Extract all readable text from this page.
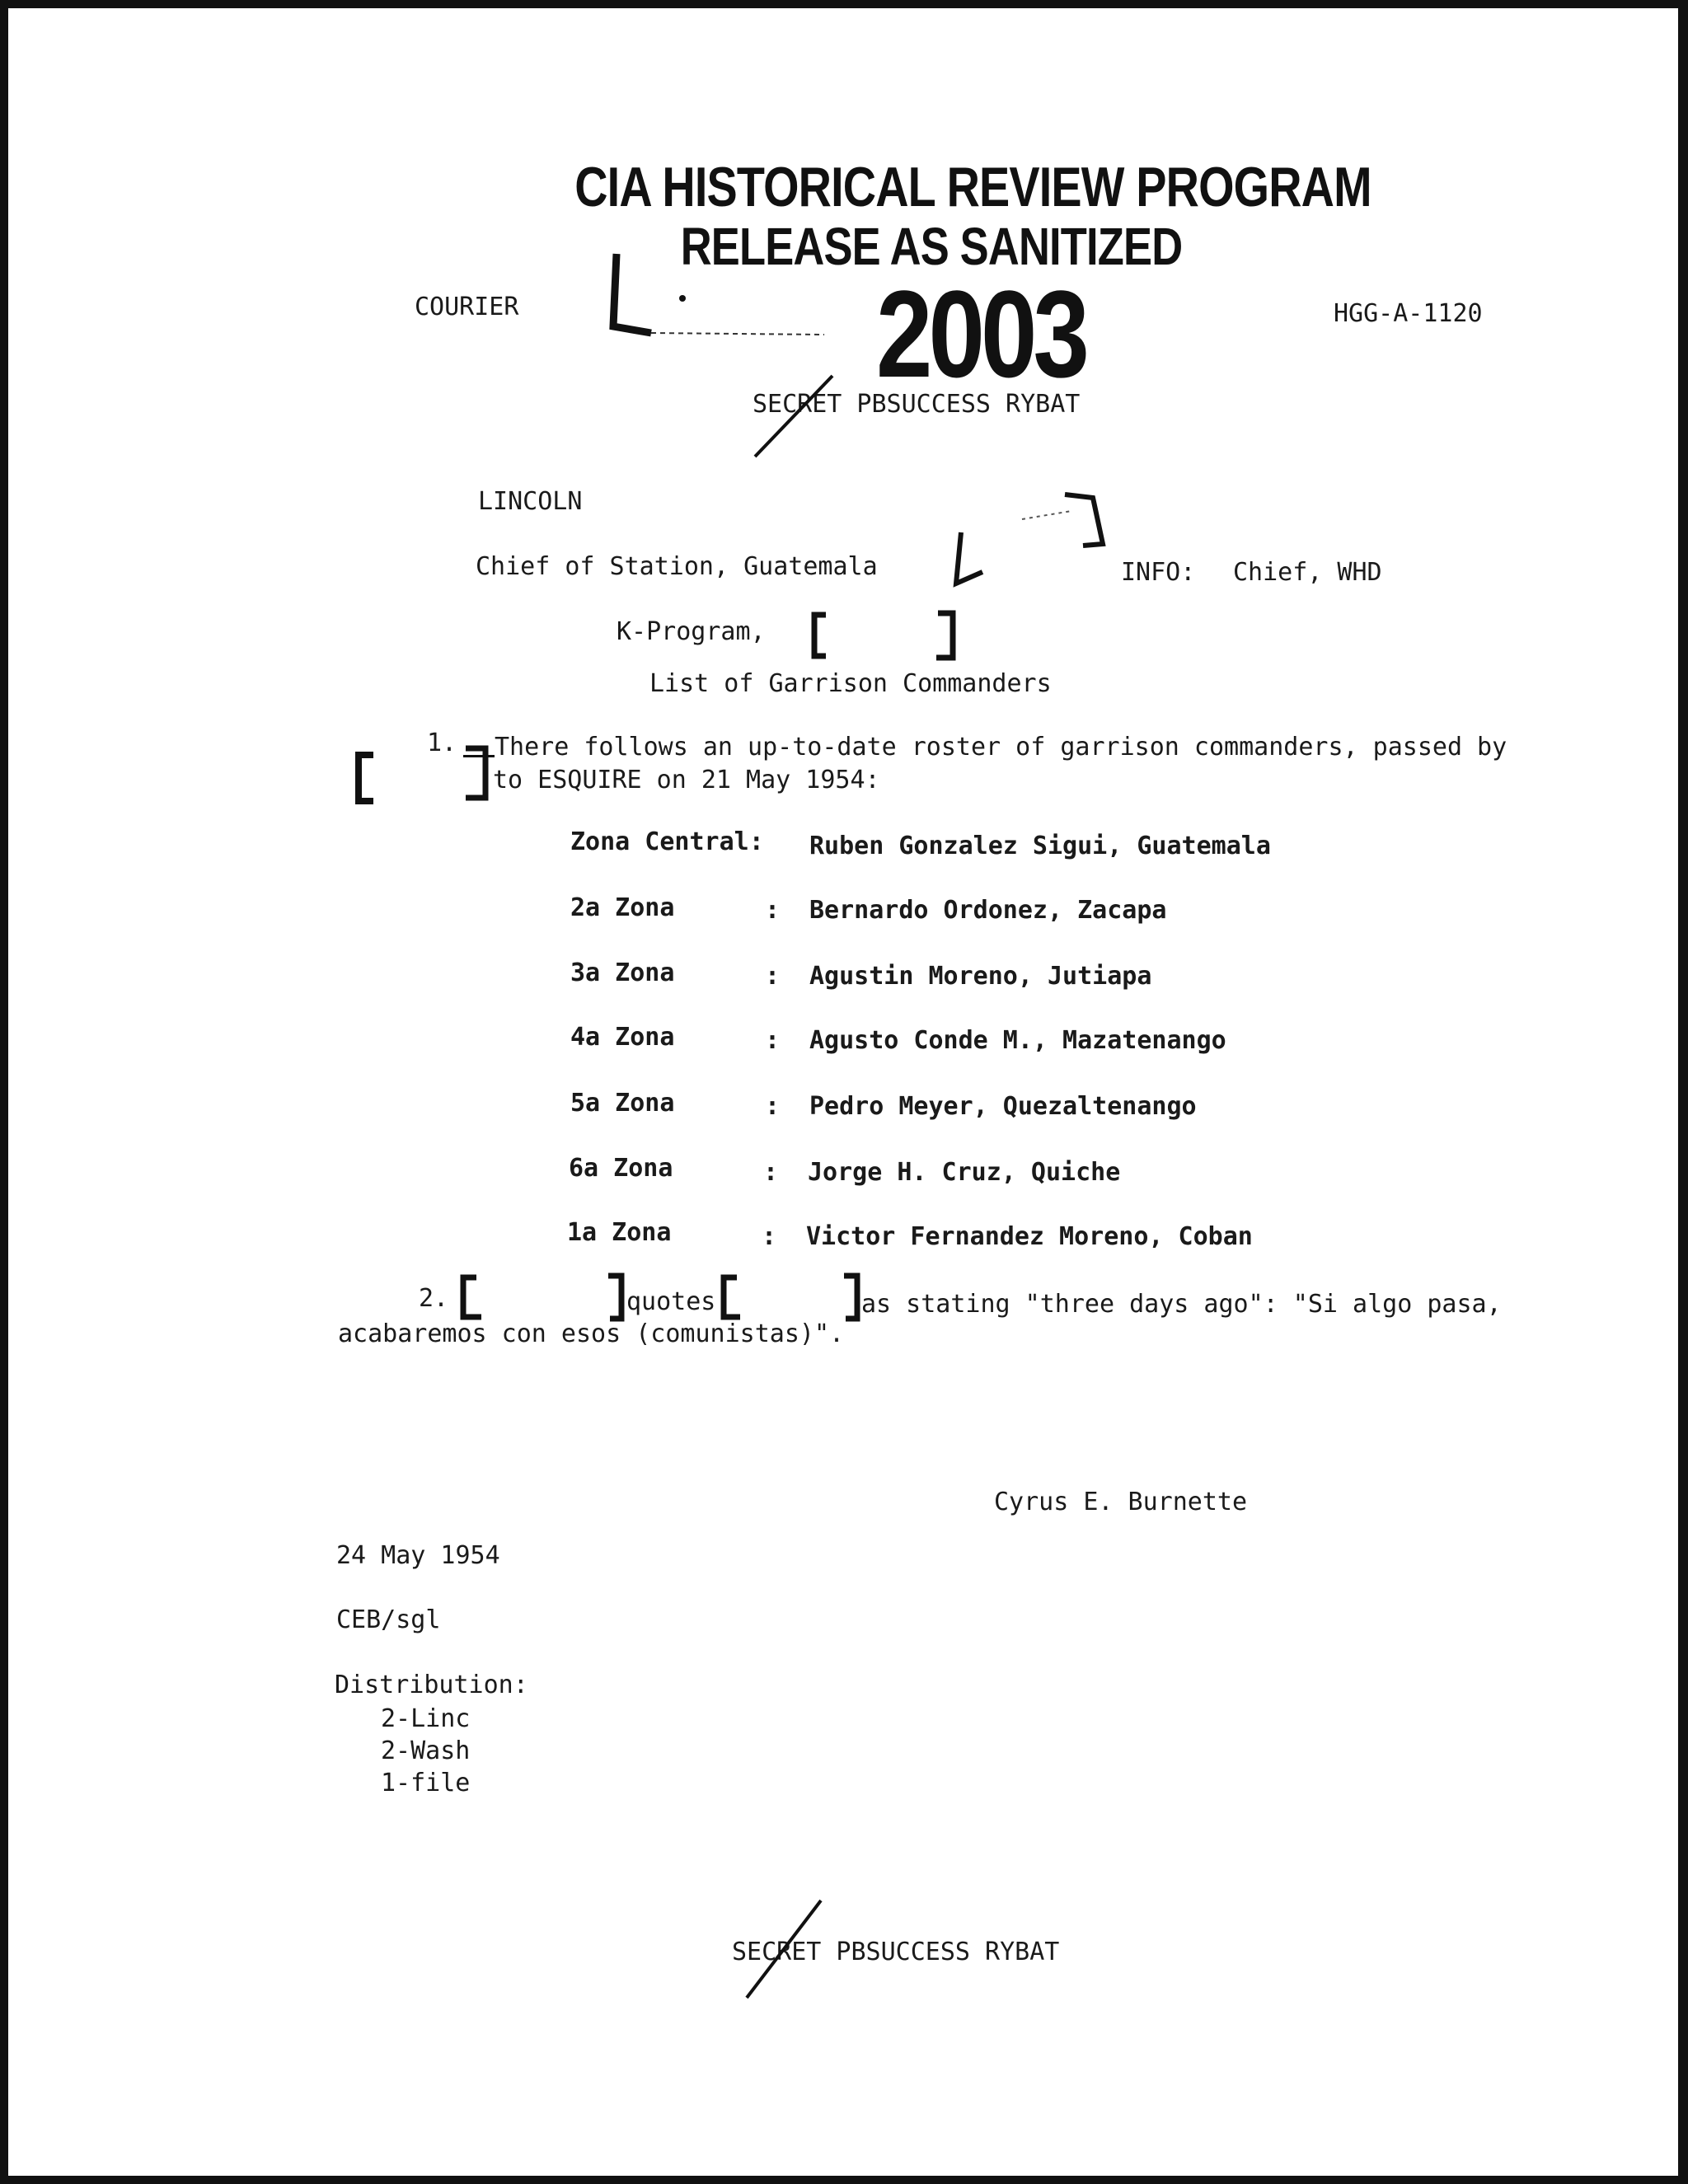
CIA HISTORICAL REVIEW PROGRAM
RELEASE AS SANITIZED
2003
COURIER	HGG-A-1120
SECRET PBSUCCESS RYBAT
LINCOLN
Chief of Station, Guatemala	INFO: Chief, WHD
K-Program,
List of Garrison Commanders
1. There follows an up-to-date roster of garrison commanders, passed by
to ESQUIRE on 21 May 1954:
Zona Central: Ruben Gonzalez Sigui, Guatemala
2a Zona	: Bernardo Ordonez, Zacapa
3a Zona	: Agustin Moreno, Jutiapa
4a Zona	: Agusto Conde M., Mazatenango
5a Zona	: Pedro Meyer, Quezaltenango
6a Zona	: Jorge H. Cruz, Quiche
1a Zona	: Victor Fernandez Moreno, Coban
2.	quotes	as stating "three days ago": "Si algo pasa,
acabaremos con esos (comunistas)".
Cyrus E. Burnette
24 May 1954
CEB/sgl
Distribution:
2-Linc
2-Wash
1-file
SECRET PBSUCCESS RYBAT
